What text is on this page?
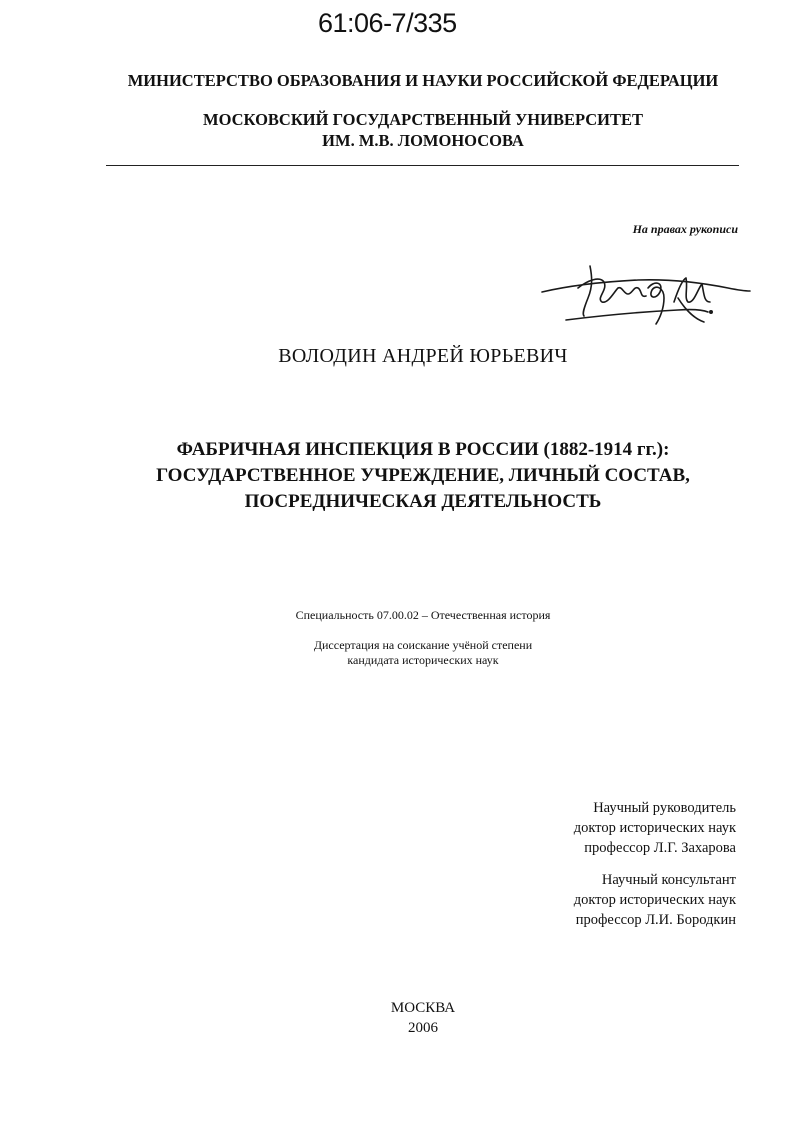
61:06-7/335
МИНИСТЕРСТВО ОБРАЗОВАНИЯ И НАУКИ РОССИЙСКОЙ ФЕДЕРАЦИИ
МОСКОВСКИЙ ГОСУДАРСТВЕННЫЙ УНИВЕРСИТЕТ
ИМ. М.В. ЛОМОНОСОВА
На правах рукописи
ВОЛОДИН АНДРЕЙ ЮРЬЕВИЧ
ФАБРИЧНАЯ ИНСПЕКЦИЯ В РОССИИ (1882-1914 гг.):
ГОСУДАРСТВЕННОЕ УЧРЕЖДЕНИЕ, ЛИЧНЫЙ СОСТАВ,
ПОСРЕДНИЧЕСКАЯ ДЕЯТЕЛЬНОСТЬ
Специальность 07.00.02 – Отечественная история
Диссертация на соискание учёной степени
кандидата исторических наук
Научный руководитель
доктор исторических наук
профессор Л.Г. Захарова
Научный консультант
доктор исторических наук
профессор Л.И. Бородкин
МОСКВА
2006
